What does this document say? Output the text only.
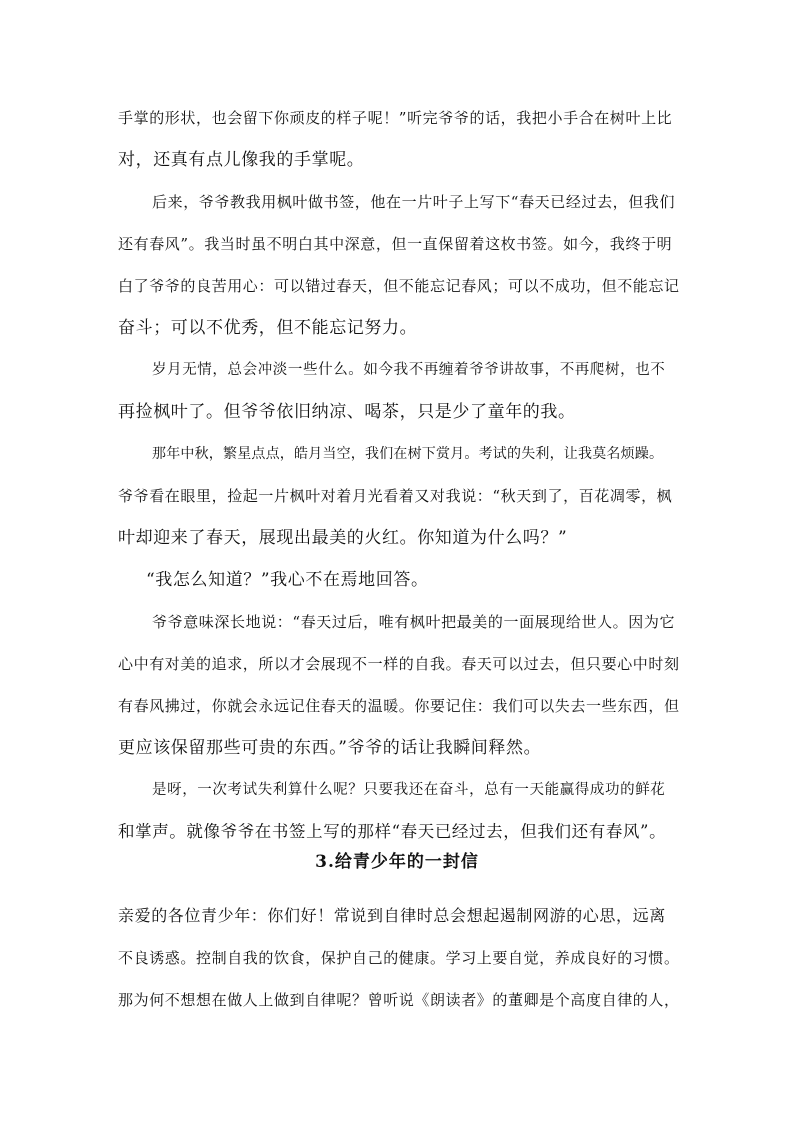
手掌的形状，也会留下你顽皮的样子呢！”听完爷爷的话，我把小手合在树叶上比
对，还真有点儿像我的手掌呢。
后来，爷爷教我用枫叶做书签，他在一片叶子上写下“春天已经过去，但我们
还有春风”。我当时虽不明白其中深意，但一直保留着这枚书签。如今，我终于明
白了爷爷的良苦用心：可以错过春天，但不能忘记春风；可以不成功，但不能忘记
奋斗；可以不优秀，但不能忘记努力。
岁月无情，总会冲淡一些什么。如今我不再缠着爷爷讲故事，不再爬树，也不
再捡枫叶了。但爷爷依旧纳凉、喝茶，只是少了童年的我。
那年中秋，繁星点点，皓月当空，我们在树下赏月。考试的失利，让我莫名烦躁。
爷爷看在眼里，捡起一片枫叶对着月光看着又对我说：“秋天到了，百花凋零，枫
叶却迎来了春天，展现出最美的火红。你知道为什么吗？”
“我怎么知道？”我心不在焉地回答。
爷爷意味深长地说：“春天过后，唯有枫叶把最美的一面展现给世人。因为它
心中有对美的追求，所以才会展现不一样的自我。春天可以过去，但只要心中时刻
有春风拂过，你就会永远记住春天的温暖。你要记住：我们可以失去一些东西，但
更应该保留那些可贵的东西。”爷爷的话让我瞬间释然。
是呀，一次考试失利算什么呢？只要我还在奋斗，总有一天能赢得成功的鲜花
和掌声。就像爷爷在书签上写的那样“春天已经过去，但我们还有春风”。
3.给青少年的一封信
亲爱的各位青少年：你们好！常说到自律时总会想起遏制网游的心思，远离
不良诱惑。控制自我的饮食，保护自己的健康。学习上要自觉，养成良好的习惯。
那为何不想想在做人上做到自律呢？曾听说《朗读者》的董卿是个高度自律的人，
